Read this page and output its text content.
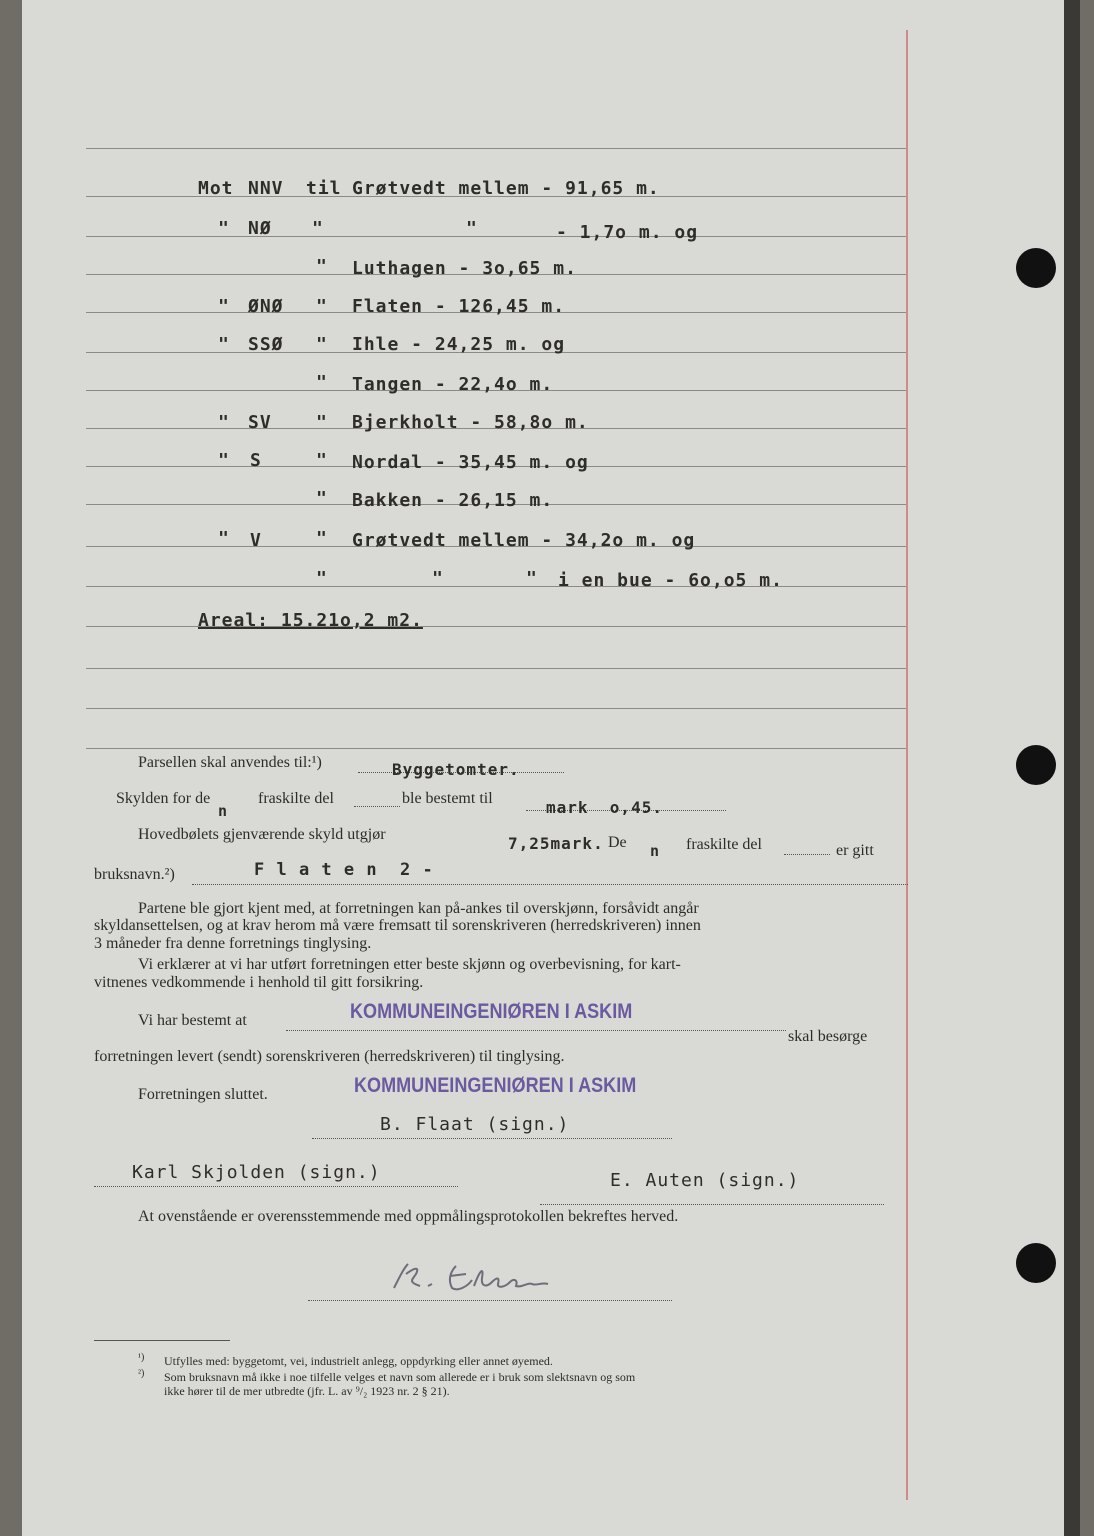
Mot NNV til Grøtvedt mellem - 91,65 m.
" NØ "	"	- 1,7o m. og
" Luthagen - 3o,65 m.
" ØNØ " Flaten - 126,45 m.
" SSØ " Ihle - 24,25 m. og
" Tangen - 22,4o m.
" SV " Bjerkholt - 58,8o m.
" S	" Nordal - 35,45 m. og
" Bakken - 26,15 m.
" V	" Grøtvedt mellem - 34,2o m. og
"	"	" i en bue - 6o,o5 m.
Areal: 15.21o,2 m2.
Parsellen skal anvendes til:¹)	Byggetomter.
Skylden for de
n
fraskilte del	ble bestemt til	mark  o,45.
Hovedbølets gjenværende skyld utgjør	7,25mark. De n fraskilte del	er gitt
bruksnavn.²)	F l a t e n  2 -
Partene ble gjort kjent med, at forretningen kan på-ankes til overskjønn, forsåvidt angår
skyldansettelsen, og at krav herom må være fremsatt til sorenskriveren (herredskriveren) innen
3 måneder fra denne forretnings tinglysing.
Vi erklærer at vi har utført forretningen etter beste skjønn og overbevisning, for kart-
vitnenes vedkommende i henhold til gitt forsikring.
Vi har bestemt at	KOMMUNEINGENIØREN I ASKIM
skal besørge
forretningen levert (sendt) sorenskriveren (herredskriveren) til tinglysing.
Forretningen sluttet.	KOMMUNEINGENIØREN I ASKIM
B. Flaat (sign.)
Karl Skjolden (sign.)	E. Auten (sign.)
At ovenstående er overensstemmende med oppmålingsprotokollen bekreftes herved.
¹) Utfylles med: byggetomt, vei, industrielt anlegg, oppdyrking eller annet øyemed.
²) Som bruksnavn må ikke i noe tilfelle velges et navn som allerede er i bruk som slektsnavn og som
ikke hører til de mer utbredte (jfr. L. av ⁹/₂ 1923 nr. 2 § 21).
